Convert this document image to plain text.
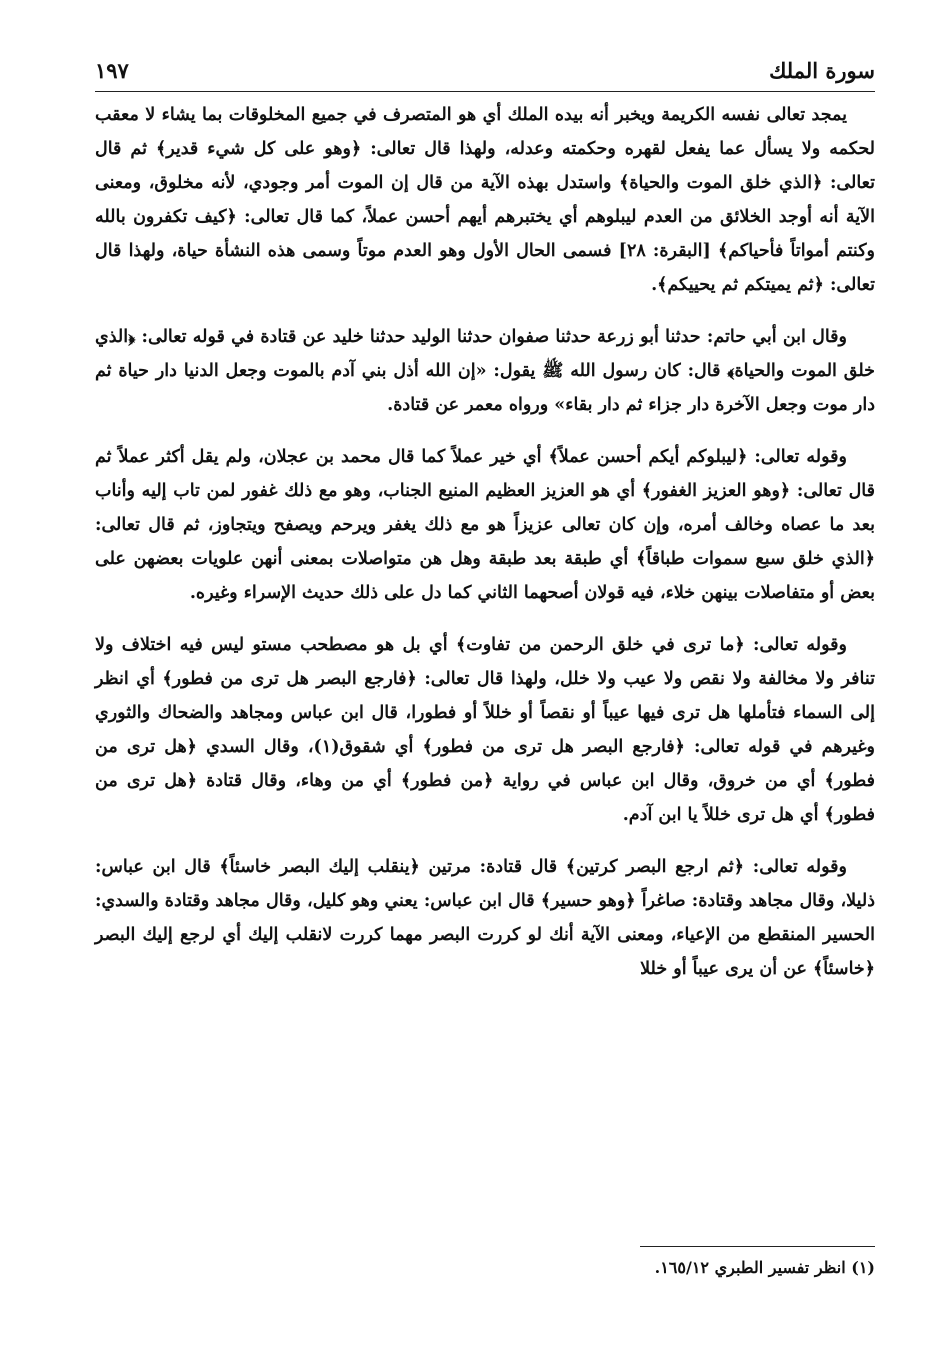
سورة الملك
١٩٧

يمجد تعالى نفسه الكريمة ويخبر أنه بيده الملك أي هو المتصرف في جميع المخلوقات بما يشاء لا معقب لحكمه ولا يسأل عما يفعل لقهره وحكمته وعدله، ولهذا قال تعالى: ﴿وهو على كل شيء قدير﴾ ثم قال تعالى: ﴿الذي خلق الموت والحياة﴾ واستدل بهذه الآية من قال إن الموت أمر وجودي، لأنه مخلوق، ومعنى الآية أنه أوجد الخلائق من العدم ليبلوهم أي يختبرهم أيهم أحسن عملاً، كما قال تعالى: ﴿كيف تكفرون بالله وكنتم أمواتاً فأحياكم﴾ [البقرة: ٢٨] فسمى الحال الأول وهو العدم موتاً وسمى هذه النشأة حياة، ولهذا قال تعالى: ﴿ثم يميتكم ثم يحييكم﴾.

وقال ابن أبي حاتم: حدثنا أبو زرعة حدثنا صفوان حدثنا الوليد حدثنا خليد عن قتادة في قوله تعالى: ﴿الذي خلق الموت والحياة﴾ قال: كان رسول الله ﷺ يقول: «إن الله أذل بني آدم بالموت وجعل الدنيا دار حياة ثم دار موت وجعل الآخرة دار جزاء ثم دار بقاء» ورواه معمر عن قتادة.

وقوله تعالى: ﴿ليبلوكم أيكم أحسن عملاً﴾ أي خير عملاً كما قال محمد بن عجلان، ولم يقل أكثر عملاً ثم قال تعالى: ﴿وهو العزيز الغفور﴾ أي هو العزيز العظيم المنيع الجناب، وهو مع ذلك غفور لمن تاب إليه وأناب بعد ما عصاه وخالف أمره، وإن كان تعالى عزيزاً هو مع ذلك يغفر ويرحم ويصفح ويتجاوز، ثم قال تعالى: ﴿الذي خلق سبع سموات طباقاً﴾ أي طبقة بعد طبقة وهل هن متواصلات بمعنى أنهن علويات بعضهن على بعض أو متفاصلات بينهن خلاء، فيه قولان أصحهما الثاني كما دل على ذلك حديث الإسراء وغيره.

وقوله تعالى: ﴿ما ترى في خلق الرحمن من تفاوت﴾ أي بل هو مصطحب مستو ليس فيه اختلاف ولا تنافر ولا مخالفة ولا نقص ولا عيب ولا خلل، ولهذا قال تعالى: ﴿فارجع البصر هل ترى من فطور﴾ أي انظر إلى السماء فتأملها هل ترى فيها عيباً أو نقصاً أو خللاً أو فطورا، قال ابن عباس ومجاهد والضحاك والثوري وغيرهم في قوله تعالى: ﴿فارجع البصر هل ترى من فطور﴾ أي شقوق(١)، وقال السدي ﴿هل ترى من فطور﴾ أي من خروق، وقال ابن عباس في رواية ﴿من فطور﴾ أي من وهاء، وقال قتادة ﴿هل ترى من فطور﴾ أي هل ترى خللاً يا ابن آدم.

وقوله تعالى: ﴿ثم ارجع البصر كرتين﴾ قال قتادة: مرتين ﴿ينقلب إليك البصر خاسئاً﴾ قال ابن عباس: ذليلا، وقال مجاهد وقتادة: صاغراً ﴿وهو حسير﴾ قال ابن عباس: يعني وهو كليل، وقال مجاهد وقتادة والسدي: الحسير المنقطع من الإعياء، ومعنى الآية أنك لو كررت البصر مهما كررت لانقلب إليك أي لرجع إليك البصر ﴿خاسئاً﴾ عن أن يرى عيباً أو خللا

(١) انظر تفسير الطبري ١٦٥/١٢.
